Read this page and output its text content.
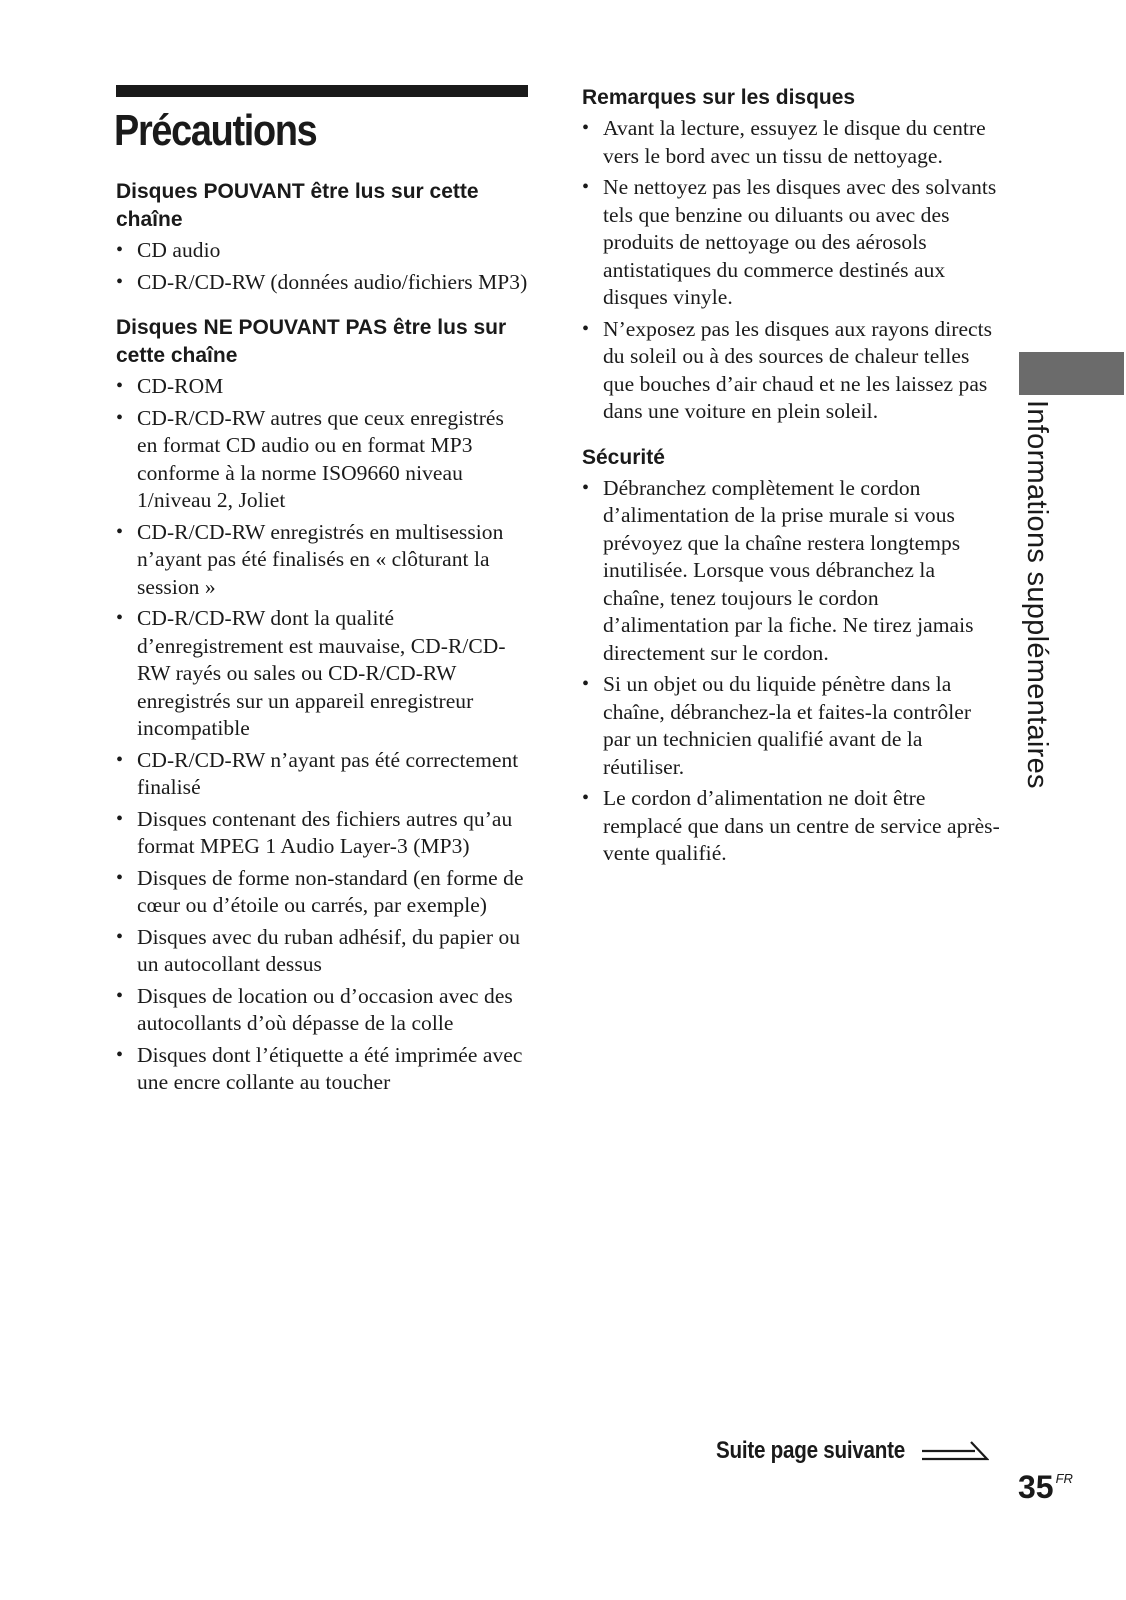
Précautions
Disques POUVANT être lus sur cette chaîne
• CD audio
• CD-R/CD-RW (données audio/fichiers MP3)
Disques NE POUVANT PAS être lus sur cette chaîne
• CD-ROM
• CD-R/CD-RW autres que ceux enregistrés en format CD audio ou en format MP3 conforme à la norme ISO9660 niveau 1/niveau 2, Joliet
• CD-R/CD-RW enregistrés en multisession n’ayant pas été finalisés en « clôturant la session »
• CD-R/CD-RW dont la qualité d’enregistrement est mauvaise, CD-R/CD-RW rayés ou sales ou CD-R/CD-RW enregistrés sur un appareil enregistreur incompatible
• CD-R/CD-RW n’ayant pas été correctement finalisé
• Disques contenant des fichiers autres qu’au format MPEG 1 Audio Layer-3 (MP3)
• Disques de forme non-standard (en forme de cœur ou d’étoile ou carrés, par exemple)
• Disques avec du ruban adhésif, du papier ou un autocollant dessus
• Disques de location ou d’occasion avec des autocollants d’où dépasse de la colle
• Disques dont l’étiquette a été imprimée avec une encre collante au toucher
Remarques sur les disques
• Avant la lecture, essuyez le disque du centre vers le bord avec un tissu de nettoyage.
• Ne nettoyez pas les disques avec des solvants tels que benzine ou diluants ou avec des produits de nettoyage ou des aérosols antistatiques du commerce destinés aux disques vinyle.
• N’exposez pas les disques aux rayons directs du soleil ou à des sources de chaleur telles que bouches d’air chaud et ne les laissez pas dans une voiture en plein soleil.
Sécurité
• Débranchez complètement le cordon d’alimentation de la prise murale si vous prévoyez que la chaîne restera longtemps inutilisée. Lorsque vous débranchez la chaîne, tenez toujours le cordon d’alimentation par la fiche. Ne tirez jamais directement sur le cordon.
• Si un objet ou du liquide pénètre dans la chaîne, débranchez-la et faites-la contrôler par un technicien qualifié avant de la réutiliser.
• Le cordon d’alimentation ne doit être remplacé que dans un centre de service après-vente qualifié.
Informations supplémentaires
Suite page suivante
35 $^{FR}$
